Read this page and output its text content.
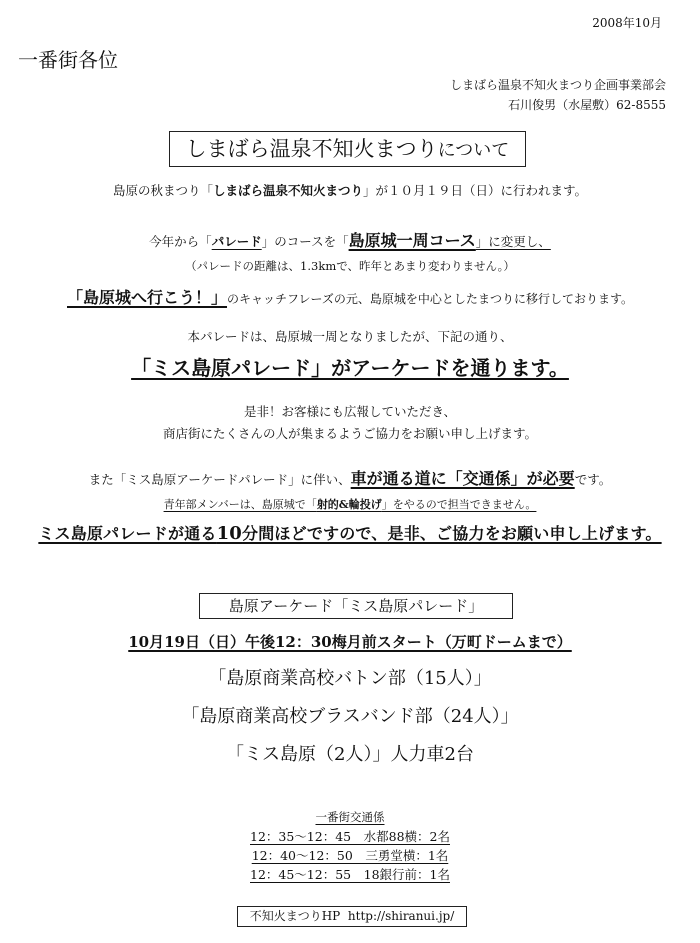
2008年10月
一番街各位
しまばら温泉不知火まつり企画事業部会
石川俊男（水屋敷）62-8555
しまばら温泉不知火まつりについて
島原の秋まつり「しまばら温泉不知火まつり」が１０月１９日（日）に行われます。
今年から「パレード」のコースを「島原城一周コース」に変更し、
（パレードの距離は、1.3kmで、昨年とあまり変わりません。）
「島原城へ行こう！」のキャッチフレーズの元、島原城を中心としたまつりに移行しております。
本パレードは、島原城一周となりましたが、下記の通り、
「ミス島原パレード」がアーケードを通ります。
是非！お客様にも広報していただき、
商店街にたくさんの人が集まるようご協力をお願い申し上げます。
また「ミス島原アーケードパレード」に伴い、車が通る道に「交通係」が必要です。
青年部メンバーは、島原城で「射的&輪投げ」をやるので担当できません。
ミス島原パレードが通る10分間ほどですので、是非、ご協力をお願い申し上げます。
島原アーケード「ミス島原パレード」
10月19日（日）午後12：30梅月前スタート（万町ドームまで）
「島原商業高校バトン部（15人）」
「島原商業高校ブラスバンド部（24人）」
「ミス島原（2人）」人力車2台
一番街交通係
12：35～12：45　水都88横：2名
12：40～12：50　三勇堂横：1名
12：45～12：55　18銀行前：1名
不知火まつりHP http://shiranui.jp/
